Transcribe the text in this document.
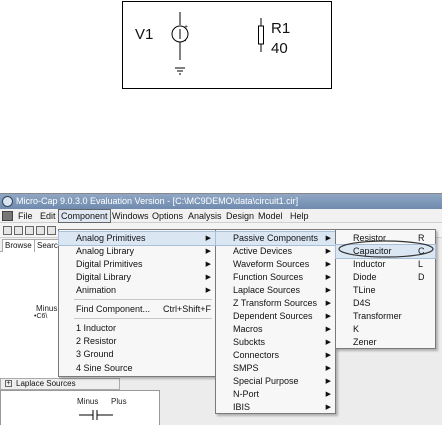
V1	+
-
R1
40
Micro-Cap 9.0.3.0 Evaluation Version - [C:\MC9DEMO\data\circuit1.cir]
File Edit Component Windows Options Analysis Design Model Help
Browse Searc
Minus
•C6\
+ Laplace Sources
Minus Plus
Analog Primitives	▶
Analog Library	▶
Digital Primitives	▶
Digital Library	▶
Animation	▶
Find Component... Ctrl+Shift+F
1 Inductor
2 Resistor
3 Ground
4 Sine Source
Passive Components ▶
Active Devices	▶
Waveform Sources ▶
Function Sources	▶
Laplace Sources	▶
Z Transform Sources ▶
Dependent Sources ▶
Macros	▶
Subckts	▶
Connectors	▶
SMPS	▶
Special Purpose	▶
N-Port	▶
IBIS	▶
Resistor	R
Capacitor	C
Inductor	L
Diode	D
TLine
D4S
Transformer
K
Zener
